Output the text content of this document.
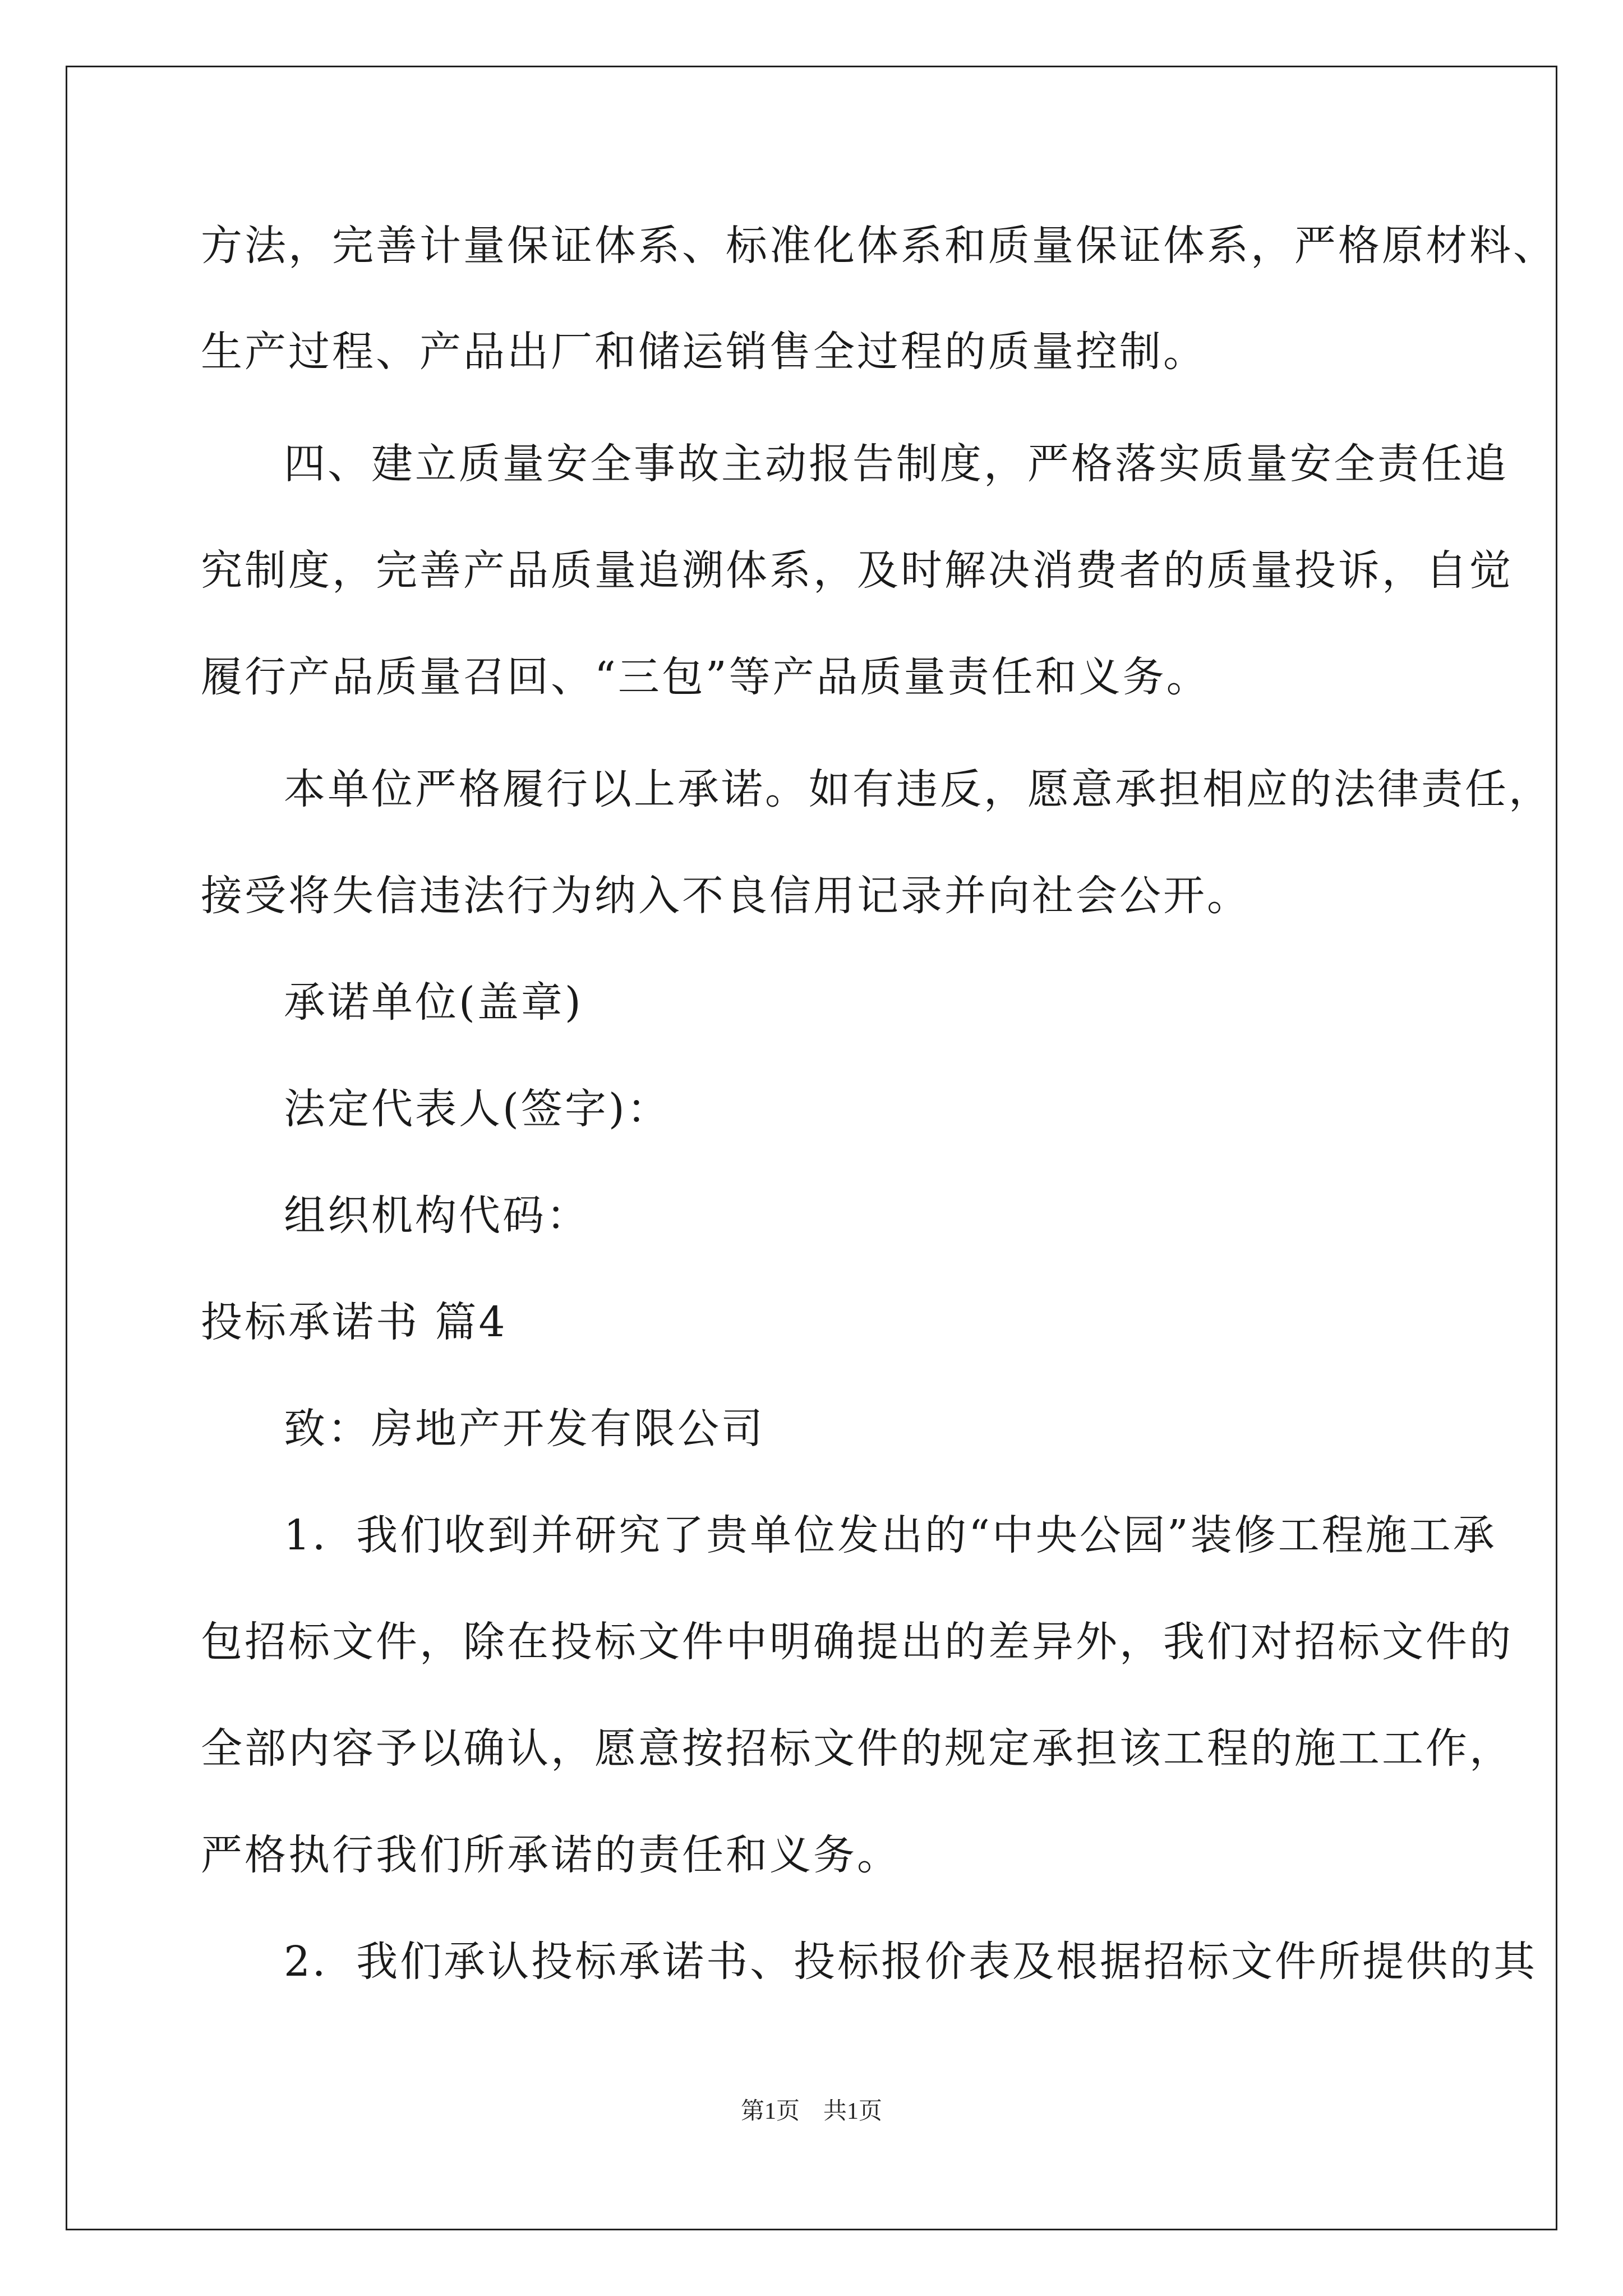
方法，完善计量保证体系、标准化体系和质量保证体系，严格原材料、
生产过程、产品出厂和储运销售全过程的质量控制。
四、建立质量安全事故主动报告制度，严格落实质量安全责任追
究制度，完善产品质量追溯体系，及时解决消费者的质量投诉，自觉
履行产品质量召回、“三包”等产品质量责任和义务。
本单位严格履行以上承诺。如有违反，愿意承担相应的法律责任，
接受将失信违法行为纳入不良信用记录并向社会公开。
承诺单位(盖章)
法定代表人(签字)：
组织机构代码：
投标承诺书 篇4
致：房地产开发有限公司
1．我们收到并研究了贵单位发出的“中央公园”装修工程施工承
包招标文件，除在投标文件中明确提出的差异外，我们对招标文件的
全部内容予以确认，愿意按招标文件的规定承担该工程的施工工作，
严格执行我们所承诺的责任和义务。
2．我们承认投标承诺书、投标报价表及根据招标文件所提供的其
第1页 共1页
